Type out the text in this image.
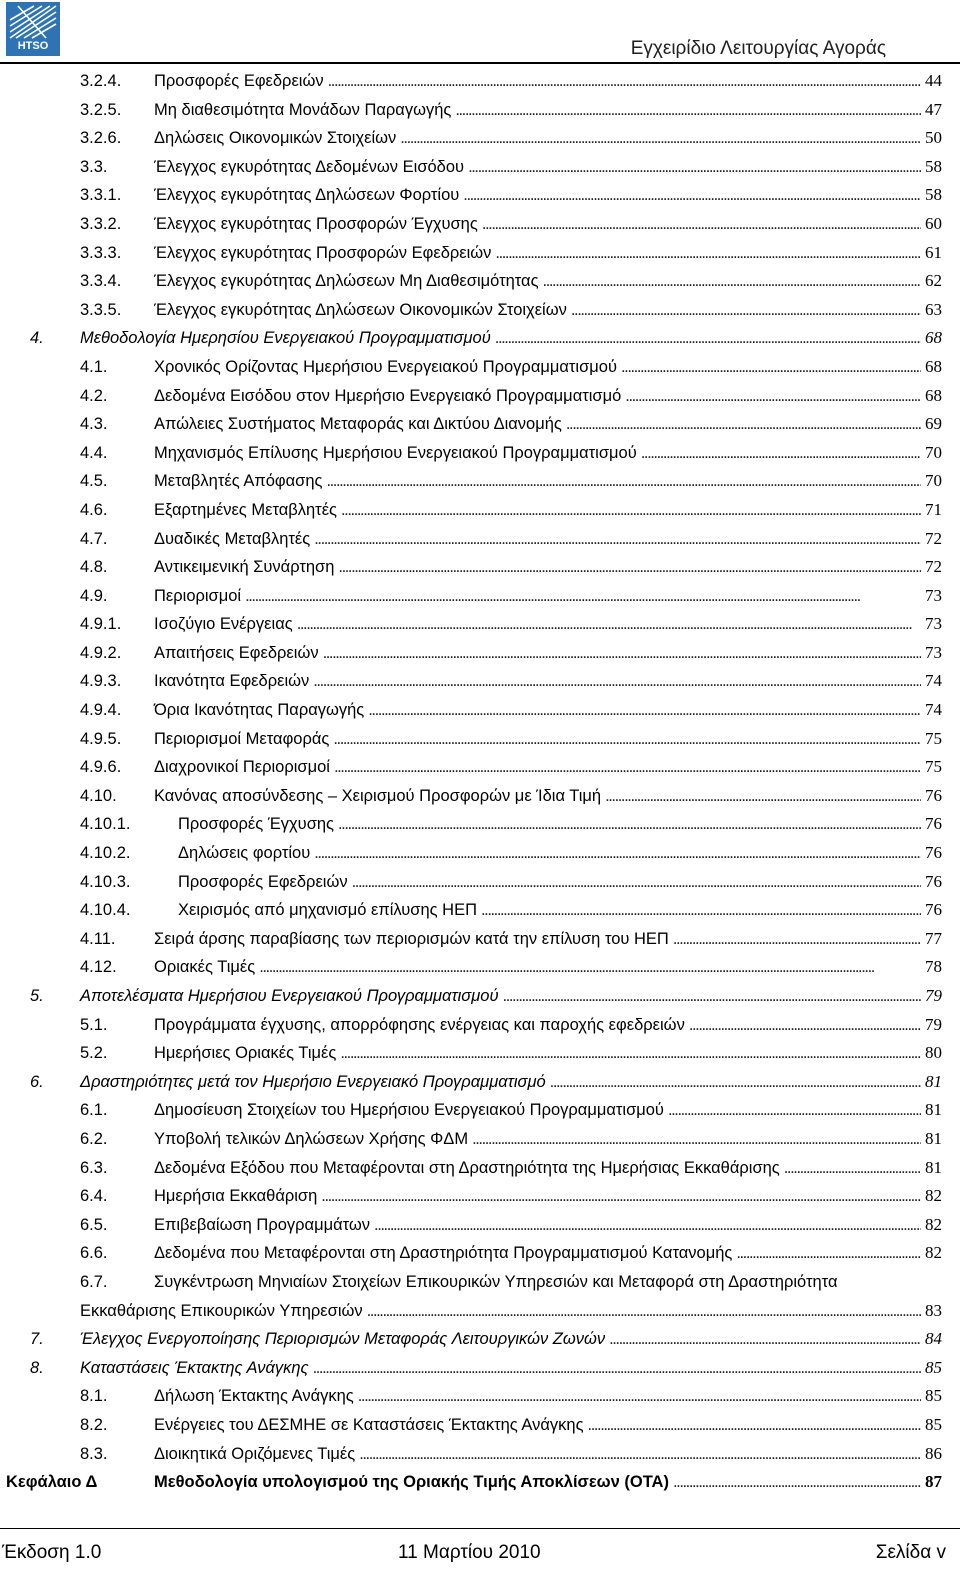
HTSO	Εγχειρίδιο Λειτουργίας Αγοράς
3.2.4. Προσφορές Εφεδρειών . . .	44
3.2.5. Μη διαθεσιμότητα Μονάδων Παραγωγής . . .	47
3.2.6. Δηλώσεις Οικονομικών Στοιχείων . . .	50
3.3.	Έλεγχος εγκυρότητας Δεδομένων Εισόδου . . .	58
3.3.1. Έλεγχος εγκυρότητας Δηλώσεων Φορτίου . . .	58
3.3.2. Έλεγχος εγκυρότητας Προσφορών Έγχυσης . . .	60
3.3.3. Έλεγχος εγκυρότητας Προσφορών Εφεδρειών . . .	61
3.3.4. Έλεγχος εγκυρότητας Δηλώσεων Μη Διαθεσιμότητας . . .	62
3.3.5. Έλεγχος εγκυρότητας Δηλώσεων Οικονομικών Στοιχείων . . .	63
4. Μεθοδολογία Ημερησίου Ενεργειακού Προγραμματισμού . . .	68
4.1.	Χρονικός Ορίζοντας Ημερήσιου Ενεργειακού Προγραμματισμού . . .	68
4.2.	Δεδομένα Εισόδου στον Ημερήσιο Ενεργειακό Προγραμματισμό . . .	68
4.3.	Απώλειες Συστήματος Μεταφοράς και Δικτύου Διανομής . . .	69
4.4.	Μηχανισμός Επίλυσης Ημερήσιου Ενεργειακού Προγραμματισμού . . .	70
4.5.	Μεταβλητές Απόφασης . . .	70
4.6.	Εξαρτημένες Μεταβλητές . . .	71
4.7.	Δυαδικές Μεταβλητές . . .	72
4.8.	Αντικειμενική Συνάρτηση . . .	72
4.9.	Περιορισμοί . . .	73
4.9.1. Ισοζύγιο Ενέργειας . . .	73
4.9.2. Απαιτήσεις Εφεδρειών . . .	73
4.9.3. Ικανότητα Εφεδρειών . . .	74
4.9.4. Όρια Ικανότητας Παραγωγής . . .	74
4.9.5. Περιορισμοί Μεταφοράς . . .	75
4.9.6. Διαχρονικοί Περιορισμοί . . .	75
4.10. Κανόνας αποσύνδεσης – Χειρισμού Προσφορών με Ίδια Τιμή . . .	76
4.10.1.	Προσφορές Έγχυσης . . .	76
4.10.2.	Δηλώσεις φορτίου . . .	76
4.10.3.	Προσφορές Εφεδρειών . . .	76
4.10.4.	Χειρισμός από μηχανισμό επίλυσης ΗΕΠ . . .	76
4.11. Σειρά άρσης παραβίασης των περιορισμών κατά την επίλυση του ΗΕΠ . . .	77
4.12. Οριακές Τιμές . . .	78
5. Αποτελέσματα Ημερήσιου Ενεργειακού Προγραμματισμού . . .	79
5.1.	Προγράμματα έγχυσης, απορρόφησης ενέργειας και παροχής εφεδρειών . . .	79
5.2.	Ημερήσιες Οριακές Τιμές . . .	80
6. Δραστηριότητες μετά τον Ημερήσιο Ενεργειακό Προγραμματισμό . . .	81
6.1.	Δημοσίευση Στοιχείων του Ημερήσιου Ενεργειακού Προγραμματισμού . . .	81
6.2.	Υποβολή τελικών Δηλώσεων Χρήσης ΦΔΜ . . .	81
6.3.	Δεδομένα Εξόδου που Μεταφέρονται στη Δραστηριότητα της Ημερήσιας Εκκαθάρισης . . .	81
6.4.	Ημερήσια Εκκαθάριση . . .	82
6.5.	Επιβεβαίωση Προγραμμάτων . . .	82
6.6.	Δεδομένα που Μεταφέρονται στη Δραστηριότητα Προγραμματισμού Κατανομής . . .	82
6.7.	Συγκέντρωση Μηνιαίων Στοιχείων Επικουρικών Υπηρεσιών και Μεταφορά στη Δραστηριότητα
Εκκαθάρισης Επικουρικών Υπηρεσιών . . .	83
7. Έλεγχος Ενεργοποίησης Περιορισμών Μεταφοράς Λειτουργικών Ζωνών . . .	84
8. Καταστάσεις Έκτακτης Ανάγκης . . .	85
8.1.	Δήλωση Έκτακτης Ανάγκης . . .	85
8.2.	Ενέργειες του ΔΕΣΜΗΕ σε Καταστάσεις Έκτακτης Ανάγκης . . .	85
8.3.	Διοικητικά Οριζόμενες Τιμές . . .	86
Κεφάλαιο Δ	Μεθοδολογία υπολογισμού της Οριακής Τιμής Αποκλίσεων (ΟΤΑ) . . .	87
Έκδοση 1.0	11 Μαρτίου 2010	Σελίδα v
